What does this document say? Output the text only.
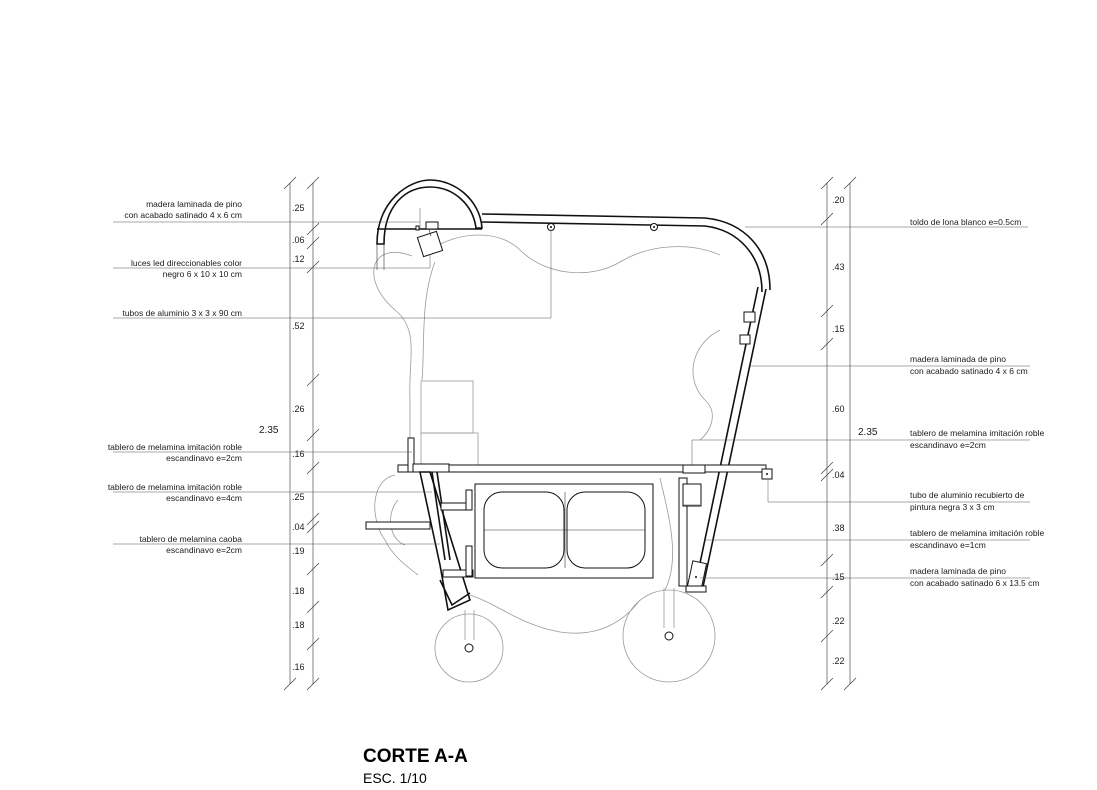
2.35
.25
.06
.12
.52
.26
.16
.25
.04
.19
.18
.18
.16
2.35
.20
.43
.15
.60
.04
.38
.15
.22
.22
madera laminada de pino
con acabado satinado 4 x 6 cm
luces led direccionables color
negro 6 x 10 x 10 cm
tubos de aluminio 3 x 3 x 90 cm
tablero de melamina imitación roble
escandinavo e=2cm
tablero de melamina imitación roble
escandinavo e=4cm
tablero de melamina caoba
escandinavo e=2cm
toldo de lona blanco e=0.5cm
madera laminada de pino
con acabado satinado 4 x 6 cm
tablero de melamina imitación roble
escandinavo e=2cm
tubo de aluminio recubierto de
pintura negra 3 x 3 cm
tablero de melamina imitación roble
escandinavo e=1cm
madera laminada de pino
con acabado satinado 6 x 13.5 cm
CORTE A-A
ESC. 1/10
